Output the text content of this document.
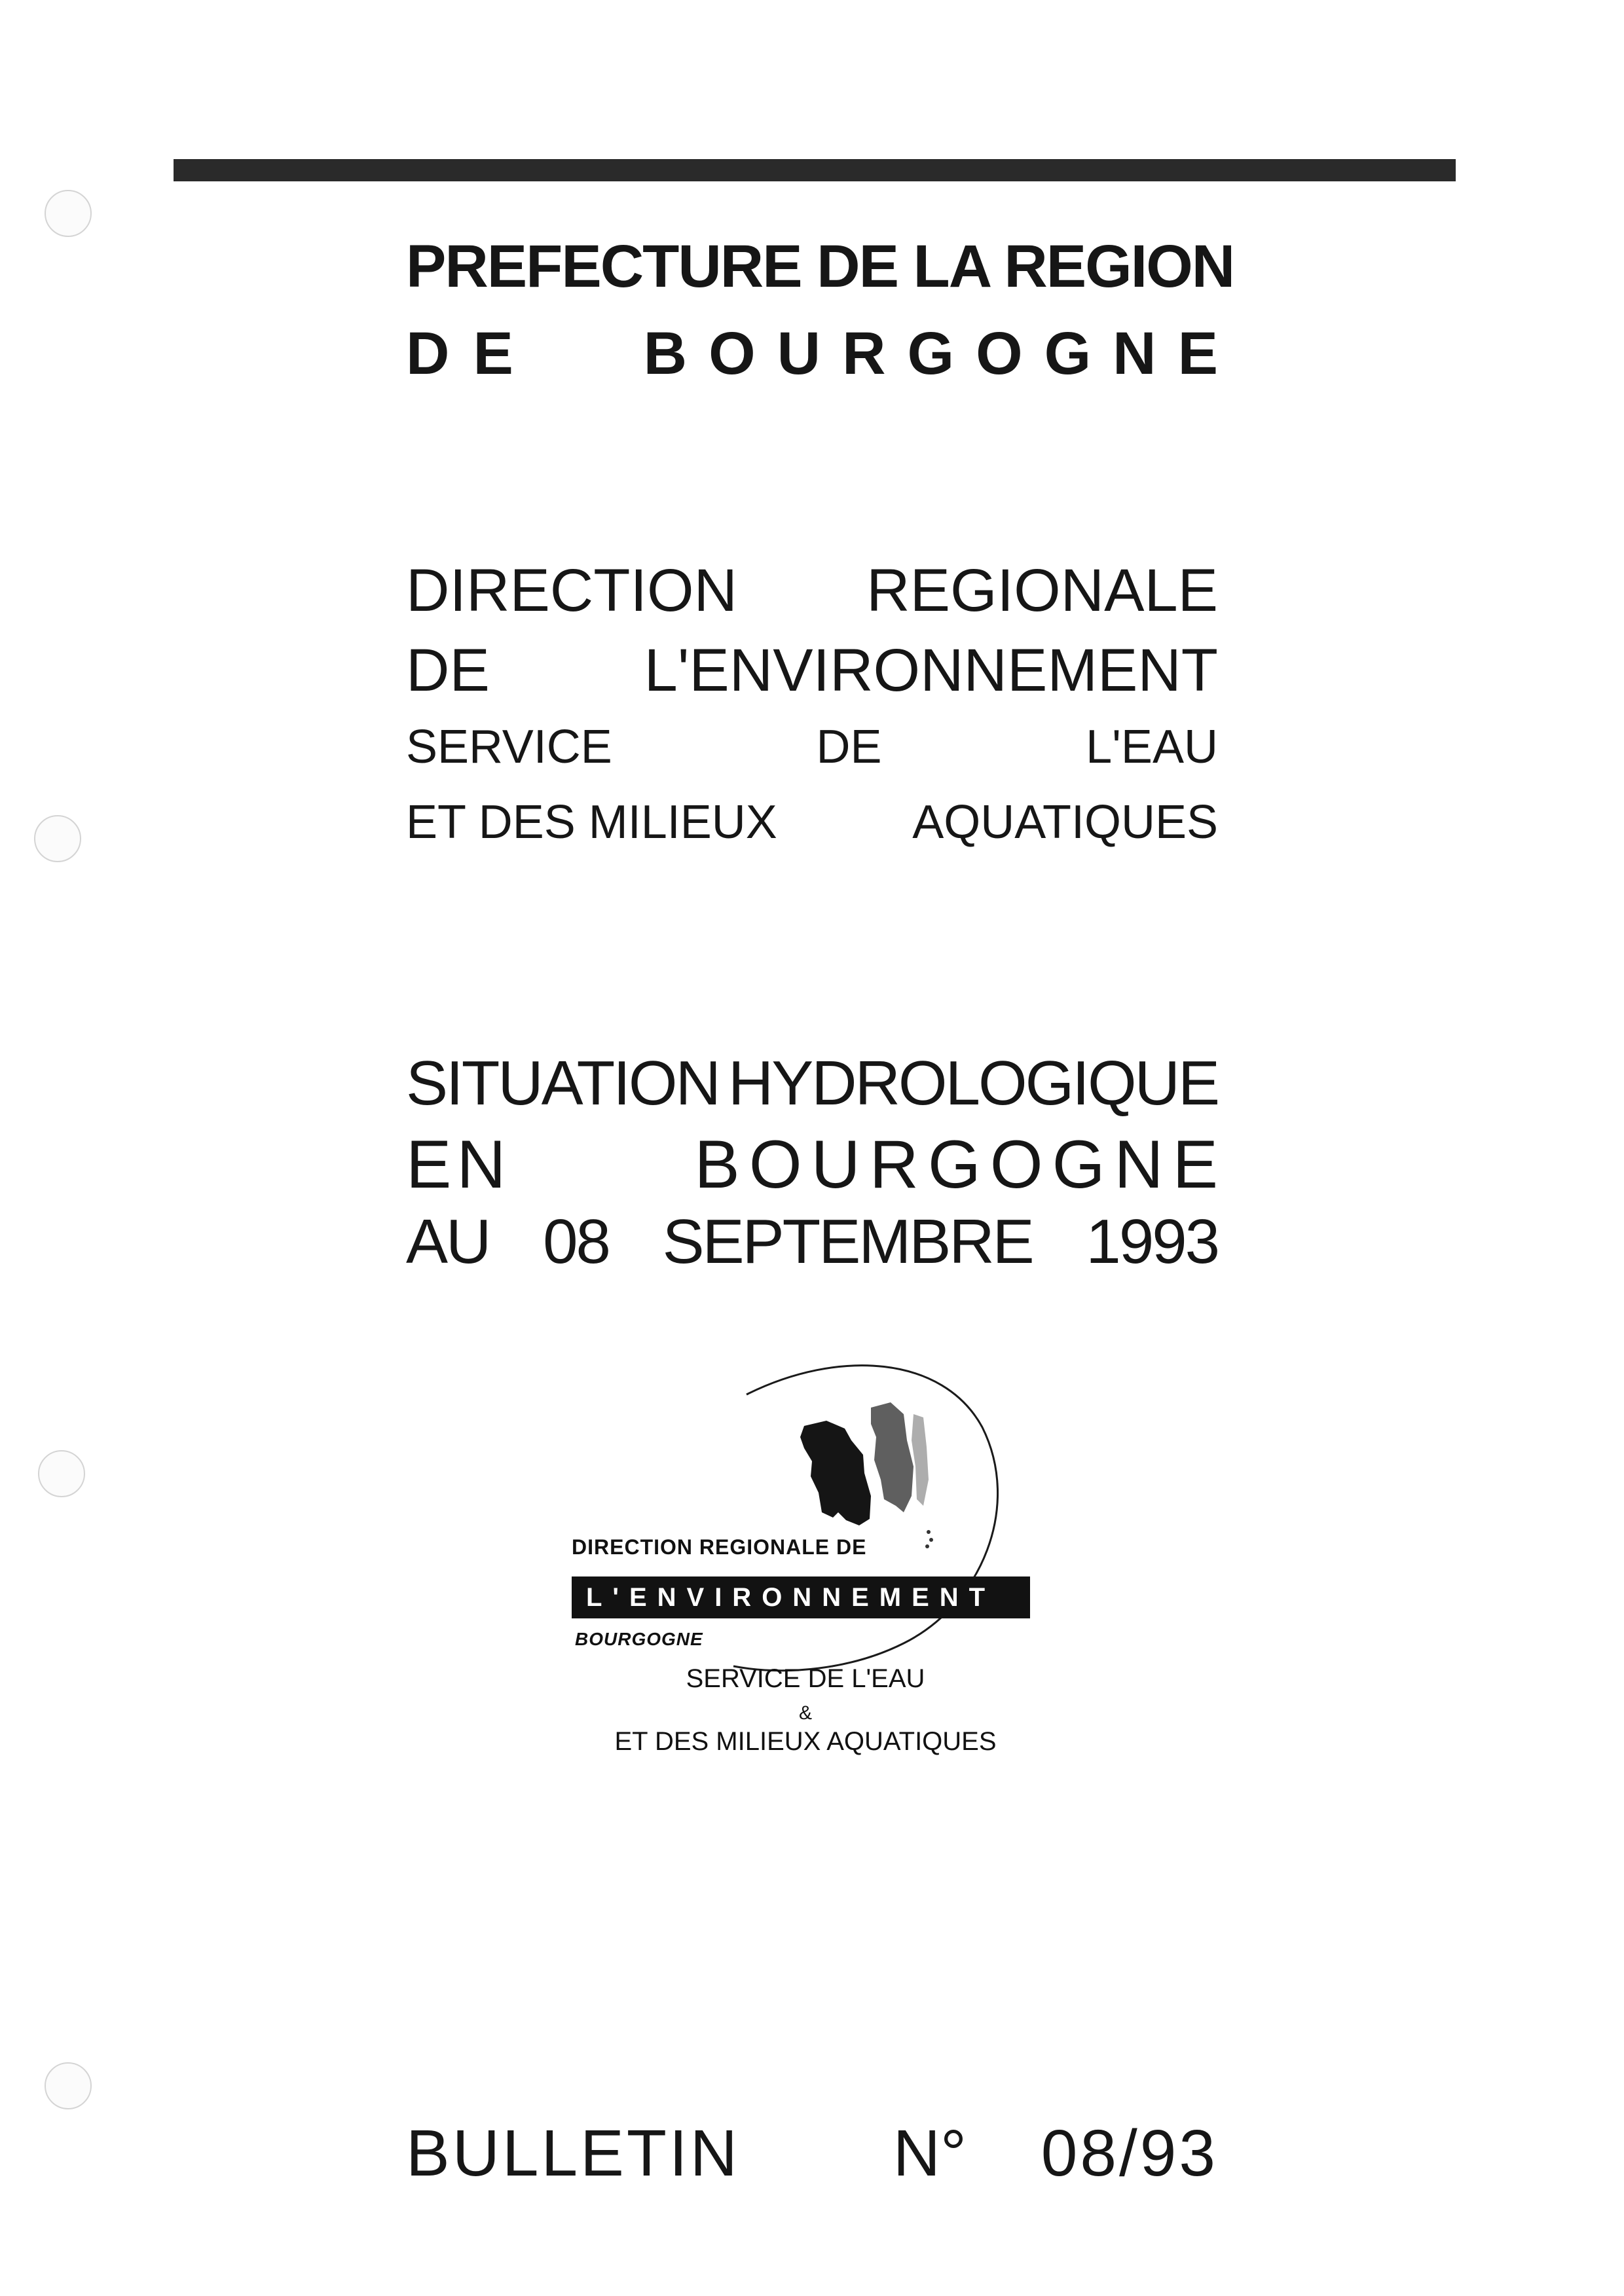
PREFECTURE DE LA REGION
DE BOURGOGNE
DIRECTION REGIONALE
DE	L'ENVIRONNEMENT
SERVICE	DE	L'EAU
ET DES MILIEUX	AQUATIQUES
SITUATION HYDROLOGIQUE
EN	BOURGOGNE
AU 08 SEPTEMBRE 1993
DIRECTION REGIONALE DE
L'ENVIRONNEMENT
BOURGOGNE
SERVICE DE L'EAU
&
ET DES MILIEUX AQUATIQUES
BULLETIN N° 08/93
